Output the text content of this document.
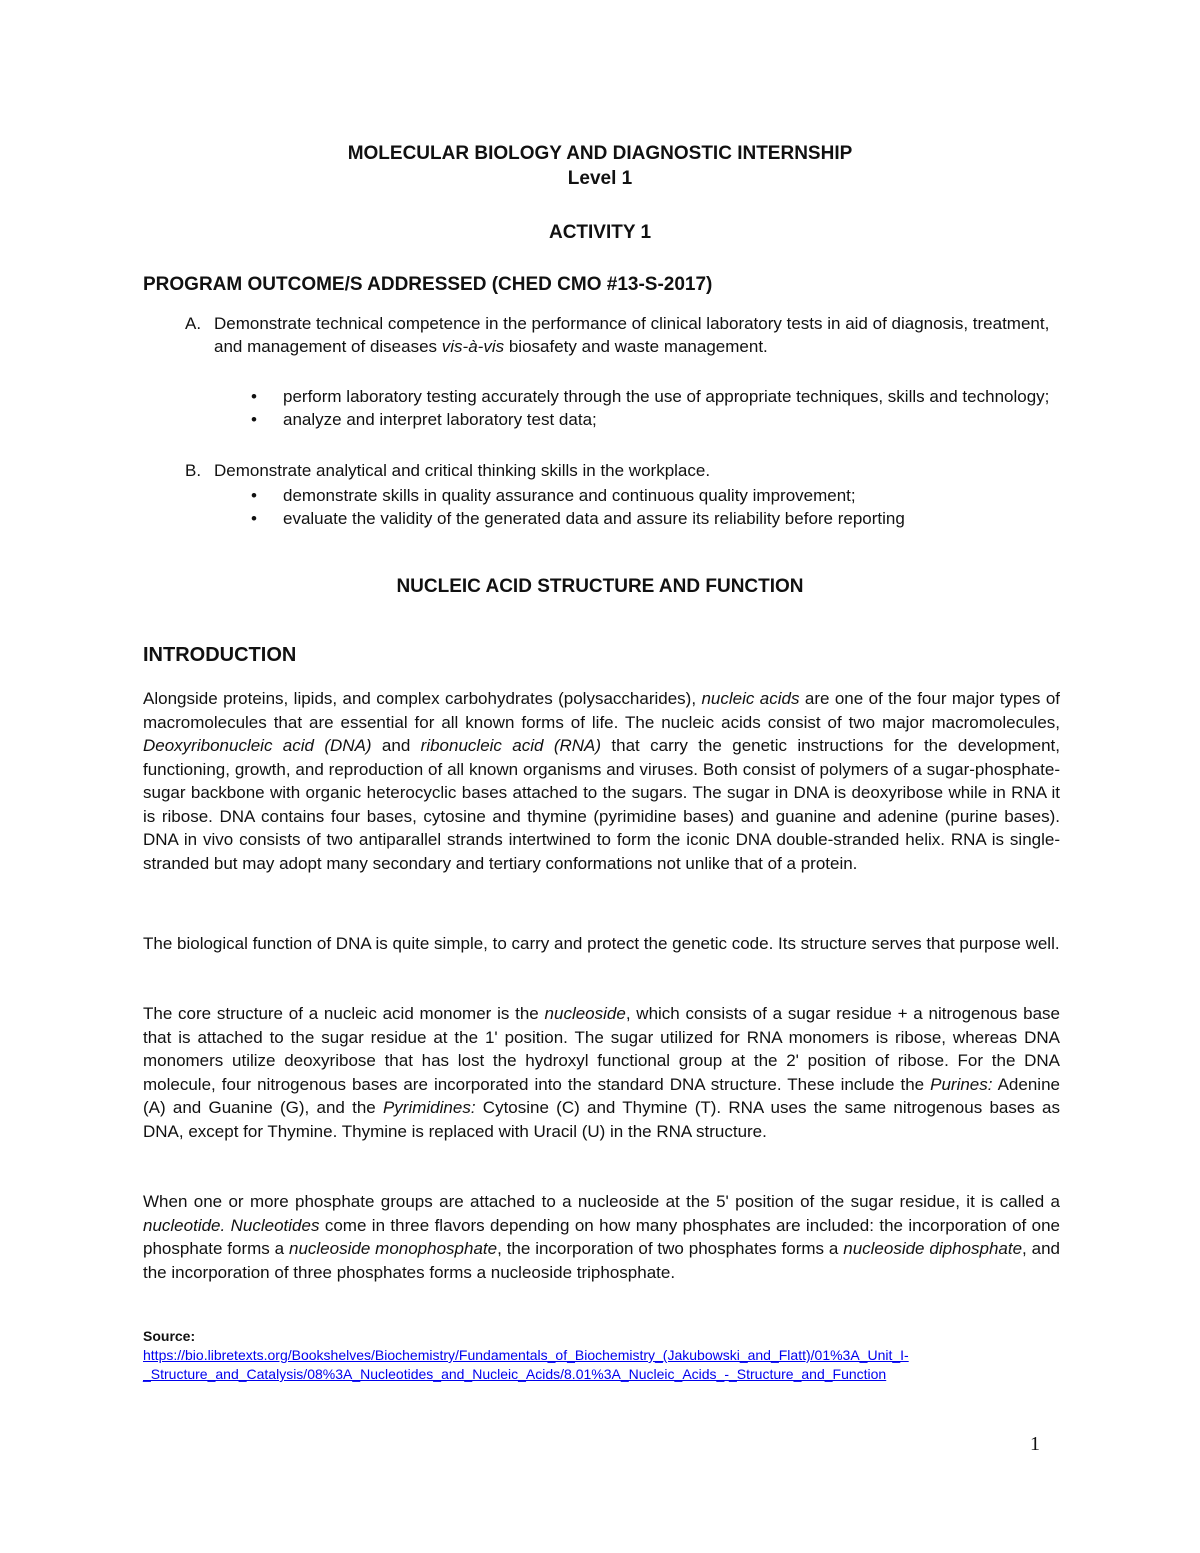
MOLECULAR BIOLOGY AND DIAGNOSTIC INTERNSHIP
Level 1
ACTIVITY 1
PROGRAM OUTCOME/S ADDRESSED (CHED CMO #13-S-2017)
A. Demonstrate technical competence in the performance of clinical laboratory tests in aid of diagnosis, treatment, and management of diseases vis-à-vis biosafety and waste management.
• perform laboratory testing accurately through the use of appropriate techniques, skills and technology;
• analyze and interpret laboratory test data;
B. Demonstrate analytical and critical thinking skills in the workplace.
• demonstrate skills in quality assurance and continuous quality improvement;
• evaluate the validity of the generated data and assure its reliability before reporting
NUCLEIC ACID STRUCTURE AND FUNCTION
INTRODUCTION

Alongside proteins, lipids, and complex carbohydrates (polysaccharides), nucleic acids are one of the four major types of macromolecules that are essential for all known forms of life. The nucleic acids consist of two major macromolecules, Deoxyribonucleic acid (DNA) and ribonucleic acid (RNA) that carry the genetic instructions for the development, functioning, growth, and reproduction of all known organisms and viruses. Both consist of polymers of a sugar-phosphate-sugar backbone with organic heterocyclic bases attached to the sugars. The sugar in DNA is deoxyribose while in RNA it is ribose. DNA contains four bases, cytosine and thymine (pyrimidine bases) and guanine and adenine (purine bases). DNA in vivo consists of two antiparallel strands intertwined to form the iconic DNA double-stranded helix. RNA is single-stranded but may adopt many secondary and tertiary conformations not unlike that of a protein.

The biological function of DNA is quite simple, to carry and protect the genetic code. Its structure serves that purpose well.

The core structure of a nucleic acid monomer is the nucleoside, which consists of a sugar residue + a nitrogenous base that is attached to the sugar residue at the 1' position. The sugar utilized for RNA monomers is ribose, whereas DNA monomers utilize deoxyribose that has lost the hydroxyl functional group at the 2' position of ribose. For the DNA molecule, four nitrogenous bases are incorporated into the standard DNA structure. These include the Purines: Adenine (A) and Guanine (G), and the Pyrimidines: Cytosine (C) and Thymine (T). RNA uses the same nitrogenous bases as DNA, except for Thymine. Thymine is replaced with Uracil (U) in the RNA structure.

When one or more phosphate groups are attached to a nucleoside at the 5' position of the sugar residue, it is called a nucleotide. Nucleotides come in three flavors depending on how many phosphates are included: the incorporation of one phosphate forms a nucleoside monophosphate, the incorporation of two phosphates forms a nucleoside diphosphate, and the incorporation of three phosphates forms a nucleoside triphosphate.

Source:
https://bio.libretexts.org/Bookshelves/Biochemistry/Fundamentals_of_Biochemistry_(Jakubowski_and_Flatt)/01%3A_Unit_I-
_Structure_and_Catalysis/08%3A_Nucleotides_and_Nucleic_Acids/8.01%3A_Nucleic_Acids_-_Structure_and_Function
1
